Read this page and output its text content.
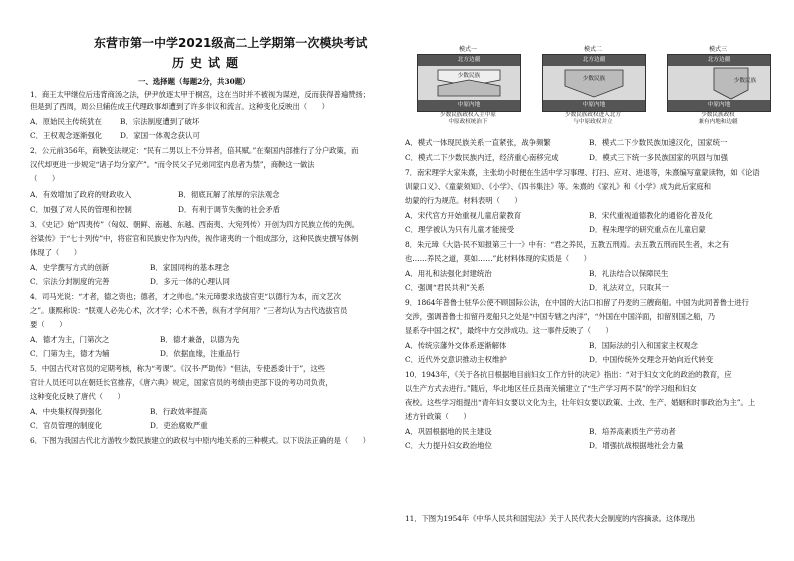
东营市第一中学2021级高二上学期第一次模块考试
历史试题
一、选择题（每题2分，共30题）
1．商王太甲继位后违背商汤之法，伊尹放逐太甲于桐宫，这在当时并不被视为谋逆，反而获得普遍赞扬；
但是到了西周，周公旦辅佐成王代理政事却遭到了许多非议和流言。这种变化反映出（　　）
A．原始民主传统犹在 B．宗法制度遭到了破坏
C．王权观念逐渐强化 D．家国一体观念获认可
2．公元前356年，商鞅变法规定：“民有二男以上不分异者，倍其赋。”在秦国内部推行了分户政策，而
汉代却更进一步规定“诸子均分家产”。“而令民父子兄弟同室内息者为禁”，商鞅这一做法
（　　）
A．有效增加了政府的财政收入	B．彻底瓦解了浓厚的宗法观念
C．加强了对人民的管理和控制	D．有利于调节失衡的社会矛盾
3．《史记》始“四夷传”（匈奴、朝鲜、南越、东越、西南夷、大宛列传）开创为四方民族立传的先例。
谷粱传》于“七十列传”中，将宦官和民族史作为内传，视作诸夷的一个组成部分，这种民族史撰写体例
体现了（　　）
A．史学撰写方式的创新	B．家国同构的基本理念
C．宗法分封制度的完善	D．多元一体的心理认同
4．司马光说：“才者，德之资也；德者，才之帅也。”朱元璋要求选拔官吏“以德行为本，而文艺次
之”。康熙称说：“朕观人必先心术，次才学；心术不善，纵有才学何用？”三者均认为古代选拔官员
要（　　）
A．德才为主，门第次之	B．德才兼备，以德为先
C．门第为主，德才为辅	D．依据血缘，注重品行
5．中国古代对官员的定期考核，称为“考课”。《汉书·严助传》“但法，专使悉委计于”，这些
官计人员还可以在朝廷长官推荐，《唐六典》规定，国家官员的考绩由吏部下设的考功司负责，
这种变化反映了唐代（　　）
A．中央集权得到强化	B．行政效率提高
C．官员管理的制度化	D．吏治腐败严重
6．下图为我国古代北方游牧少数民族建立的政权与中原内地关系的三种模式。以下说法正确的是（　　）
模式一
北方边疆
少数民族
中原内地
少数民族政权入主中原
中原政权统治下
模式二
北方边疆
少数民族
中原内地
少数民族政权进入北方
与中原政权并立
模式三
北方边疆
少数民族
中原内地
少数民族政权
兼有内地和边疆
A．模式一体现民族关系一直紧张，战争频繁	B．模式二下少数民族加速汉化，国家统一
C．模式二下少数民族内迁，经济重心南移完成	D．模式三下统一多民族国家的巩固与加强
7．南宋理学大家朱熹，主张幼小时便在生活中学习事理、打扫、应对、进退等，朱熹编写童蒙读物，如《论语
训蒙口义》、《童蒙须知》、《小学》、《四书集注》等。朱熹的《家礼》和《小学》成为此后家庭和
幼蒙的行为规范。材料表明（　　）
A．宋代官方开始重视儿童启蒙教育	B．宋代重视道德教化的通俗化普及化
C．理学被认为只有儿童才能接受	D．程朱理学的研究重点在儿童启蒙
8．朱元璋《大诰·民不知报第三十一》中有：“君之养民，五教五刑焉。去五教五刑而民生者，未之有
也……养民之道，莫如……”此材料体现的实质是（　　）
A．用礼和法强化封建统治	B．礼法结合以保障民生
C．强调“君民共利”关系	D．礼法对立，只取其一
9．1864年普鲁士驻华公使不顾国际公法，在中国的大沽口扣留了丹麦的三艘商船。中国为此同普鲁士进行
交涉，强调普鲁士扣留丹麦船只之处是“中国专辖之内洋”，“外国在中国洋面，扣留别国之船，乃
显系夺中国之权”，最终中方交涉成功。这一事件反映了（　　）
A．传统宗藩外交体系逐渐解体	B．国际法的引入和国家主权观念
C．近代外交意识推动主权维护	D．中国传统外交理念开始向近代转变
10．1943年，《关于各抗日根据地目前妇女工作方针的决定》指出：“对于妇女文化的政治的教育，应
以生产方式去进行。”随后，华北地区任丘县南关铺建立了“生产学习两不误”的学习组和妇女
夜校。这些学习组提出“青年妇女要以文化为主，壮年妇女要以政策、土改、生产、婚姻和时事政治为主”。上
述方针政策（　　）
A．巩固根据地的民主建设	B．培养高素质生产劳动者
C．大力提升妇女政治地位	D．增强抗战根据地社会力量
11．下图为1954年《中华人民共和国宪法》关于人民代表大会制度的内容摘录。这体现出
